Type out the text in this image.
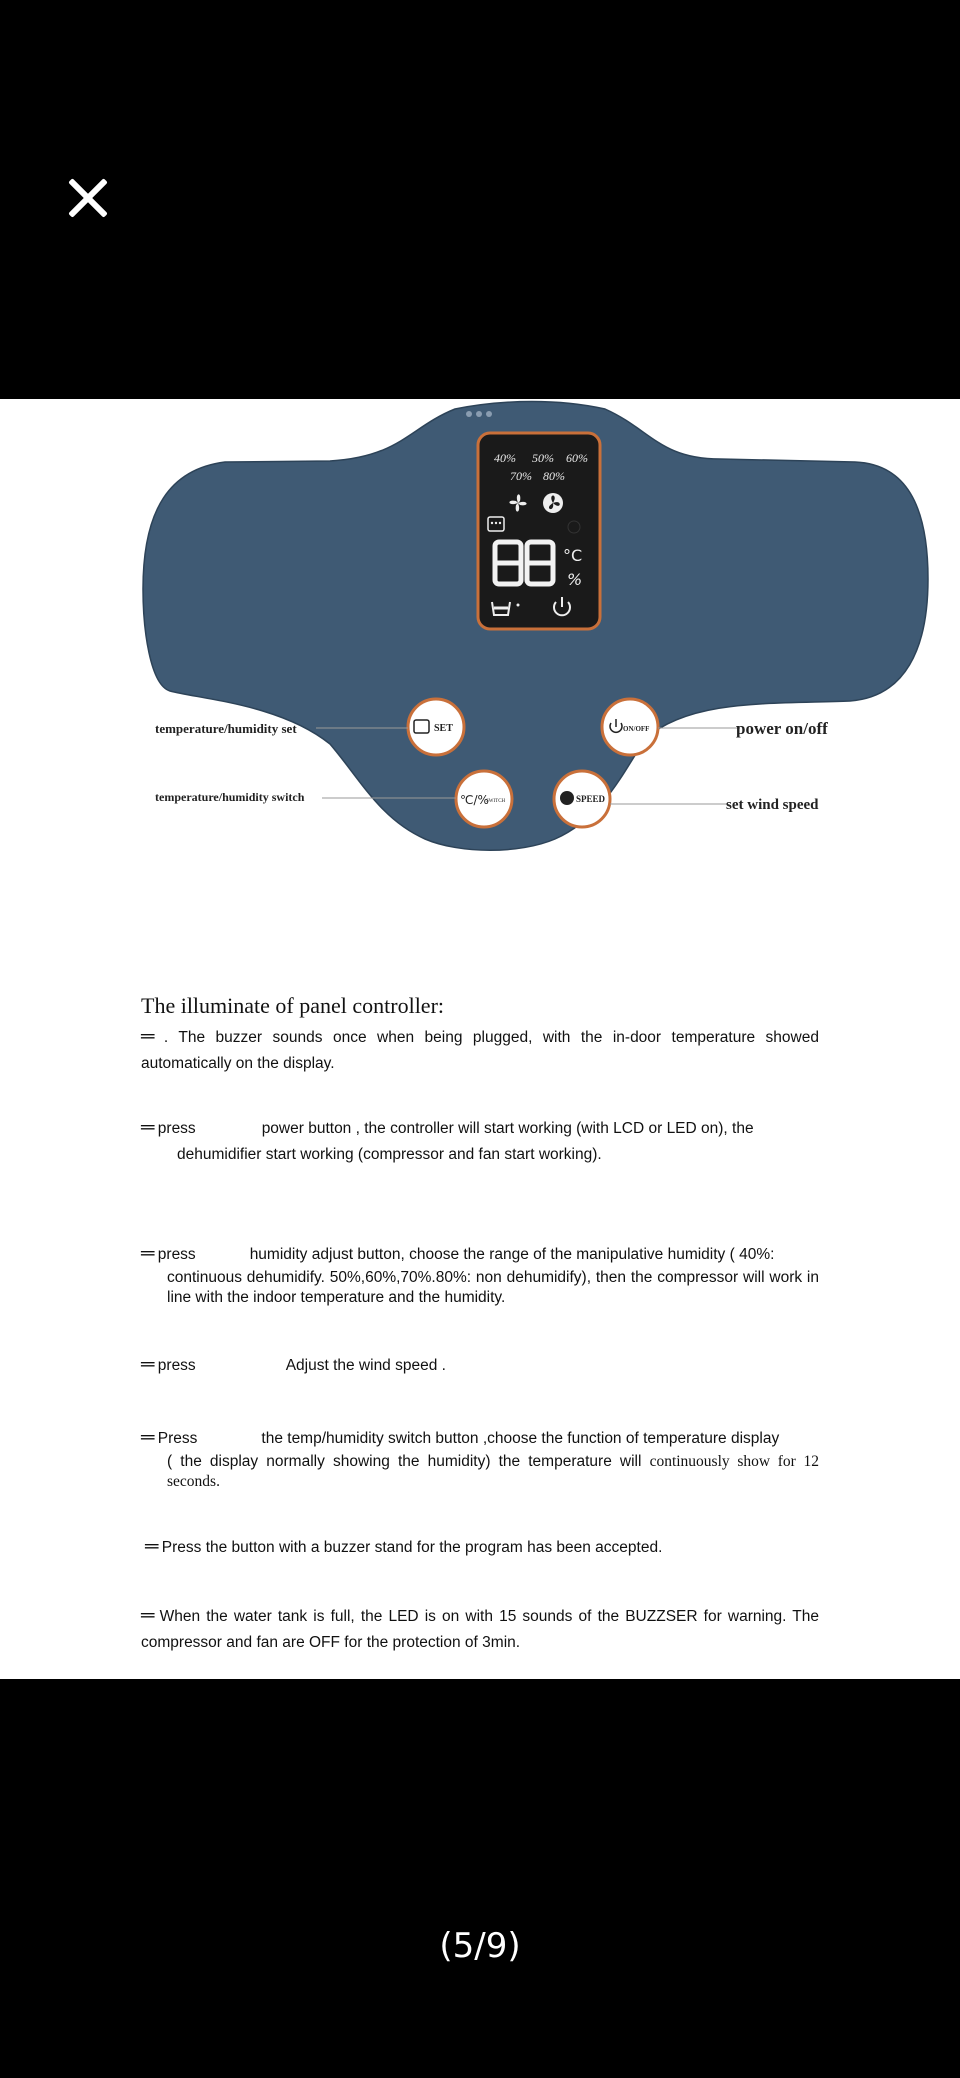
40% 50% 60%
70% 80%
°C
%
SET	ON/OFF
℃/%
SWITCH	SPEED
temperature/humidity set	power on/off
temperature/humidity switch	set wind speed
The illuminate of panel controller:
═ . The buzzer sounds once when being plugged, with the in-door temperature showed automatically on the display.
═ press	power button , the controller will start working (with LCD or LED on), the
dehumidifier start working (compressor and fan start working).
═ press	humidity adjust button, choose the range of the manipulative humidity ( 40%:
continuous dehumidify. 50%,60%,70%.80%: non dehumidify), then the compressor will work in line with the indoor temperature and the humidity.
═ press	Adjust the wind speed .
═ Press	the temp/humidity switch button ,choose the function of temperature display
( the display normally showing the humidity) the temperature will continuously show for 12 seconds.
═ Press the button with a buzzer stand for the program has been accepted.
═ When the water tank is full, the LED is on with 15 sounds of the BUZZSER for warning. The compressor and fan are OFF for the protection of 3min.
(5/9)
